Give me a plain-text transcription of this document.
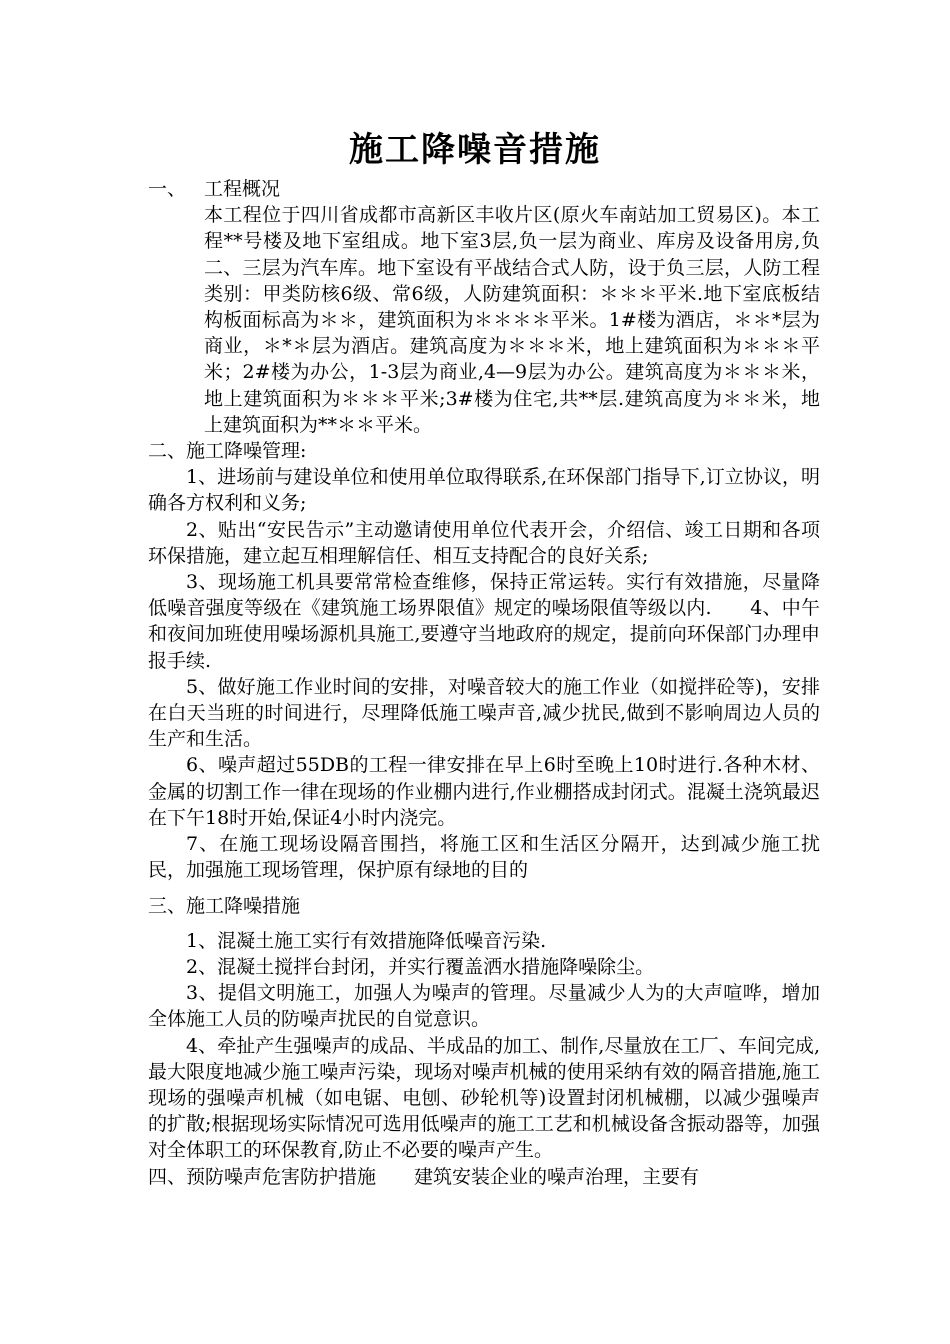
施工降噪音措施

一、 工程概况

本工程位于四川省成都市高新区丰收片区(原火车南站加工贸易区)。本工程**号楼及地下室组成。地下室3层,负一层为商业、库房及设备用房,负二、三层为汽车库。地下室设有平战结合式人防，设于负三层，人防工程类别：甲类防核6级、常6级，人防建筑面积：＊＊＊平米.地下室底板结构板面标高为＊＊，建筑面积为＊＊＊＊平米。1#楼为酒店，＊＊*层为商业，＊*＊层为酒店。建筑高度为＊＊＊米，地上建筑面积为＊＊＊平米；2#楼为办公，1-3层为商业,4—9层为办公。建筑高度为＊＊＊米，地上建筑面积为＊＊＊平米;3#楼为住宅,共**层.建筑高度为＊＊米，地上建筑面积为**＊＊平米。

二、施工降噪管理:

1、进场前与建设单位和使用单位取得联系,在环保部门指导下,订立协议，明确各方权利和义务;

2、贴出“安民告示”主动邀请使用单位代表开会，介绍信、竣工日期和各项环保措施，建立起互相理解信任、相互支持配合的良好关系;

3、现场施工机具要常常检查维修，保持正常运转。实行有效措施，尽量降低噪音强度等级在《建筑施工场界限值》规定的噪场限值等级以内.　　4、中午和夜间加班使用噪场源机具施工,要遵守当地政府的规定，提前向环保部门办理申报手续.

5、做好施工作业时间的安排，对噪音较大的施工作业（如搅拌砼等)，安排在白天当班的时间进行，尽理降低施工噪声音,减少扰民,做到不影响周边人员的生产和生活。

6、噪声超过55DB的工程一律安排在早上6时至晚上10时进行.各种木材、金属的切割工作一律在现场的作业棚内进行,作业棚搭成封闭式。混凝土浇筑最迟在下午18时开始,保证4小时内浇完。

7、在施工现场设隔音围挡，将施工区和生活区分隔开，达到减少施工扰民，加强施工现场管理，保护原有绿地的目的

三、施工降噪措施

1、混凝土施工实行有效措施降低噪音污染.

2、混凝土搅拌台封闭，并实行覆盖洒水措施降噪除尘。

3、提倡文明施工，加强人为噪声的管理。尽量减少人为的大声喧哗，增加全体施工人员的防噪声扰民的自觉意识。

4、牵扯产生强噪声的成品、半成品的加工、制作,尽量放在工厂、车间完成,最大限度地减少施工噪声污染，现场对噪声机械的使用采纳有效的隔音措施,施工现场的强噪声机械（如电锯、电刨、砂轮机等)设置封闭机械棚，以减少强噪声的扩散;根据现场实际情况可选用低噪声的施工工艺和机械设备含振动器等，加强对全体职工的环保教育,防止不必要的噪声产生。

四、预防噪声危害防护措施　　建筑安装企业的噪声治理，主要有
